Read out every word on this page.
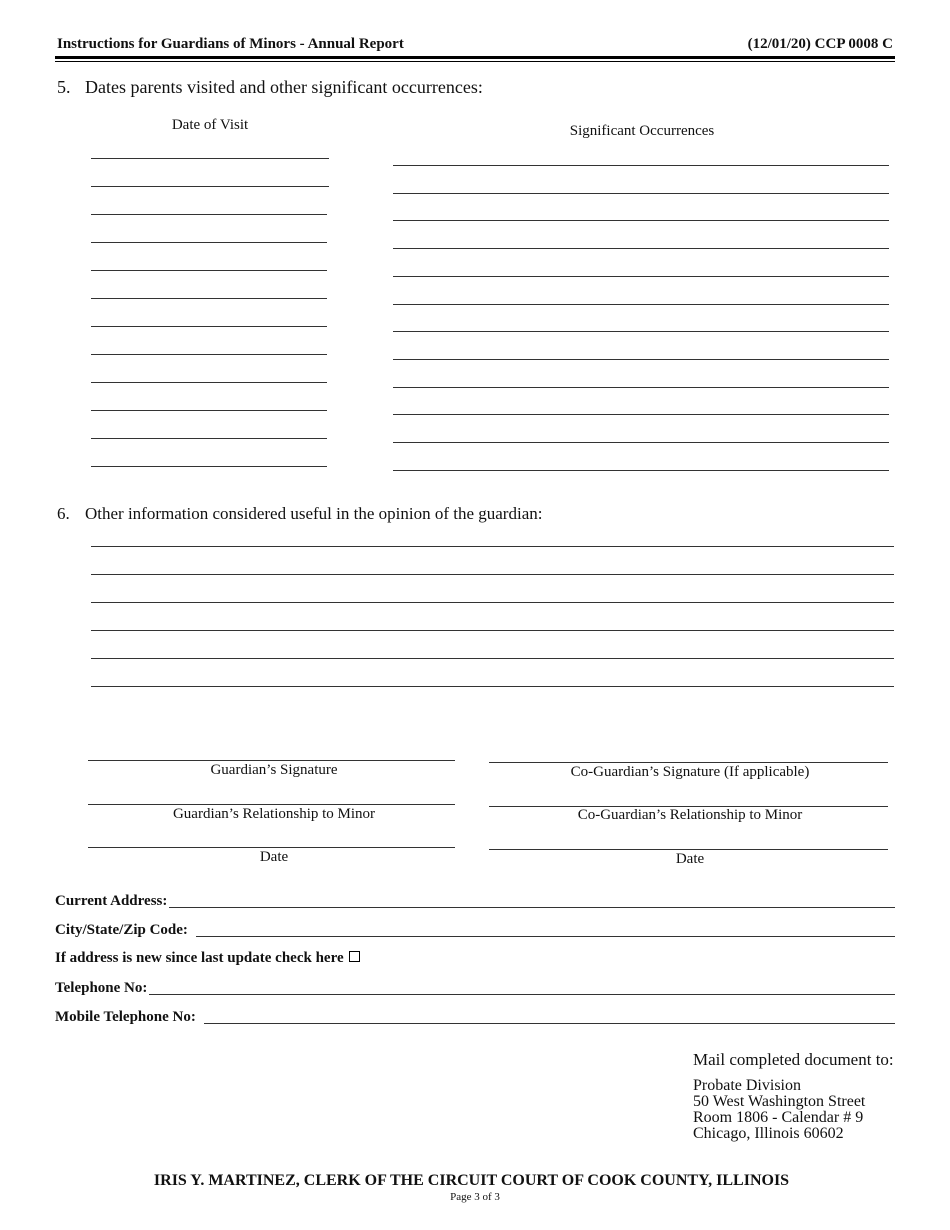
Instructions for Guardians of Minors - Annual Report	(12/01/20) CCP 0008 C
5. Dates parents visited and other significant occurrences:
Date of Visit	Significant Occurrences
6. Other information considered useful in the opinion of the guardian:
Guardian’s Signature
Guardian’s Relationship to Minor
Date
Co-Guardian’s Signature (If applicable)
Co-Guardian’s Relationship to Minor
Date
Current Address:
City/State/Zip Code:
If address is new since last update check here
Telephone No:
Mobile Telephone No:
Mail completed document to:
Probate Division
50 West Washington Street
Room 1806 - Calendar # 9
Chicago, Illinois 60602
IRIS Y. MARTINEZ, CLERK OF THE CIRCUIT COURT OF COOK COUNTY, ILLINOIS
Page 3 of 3
